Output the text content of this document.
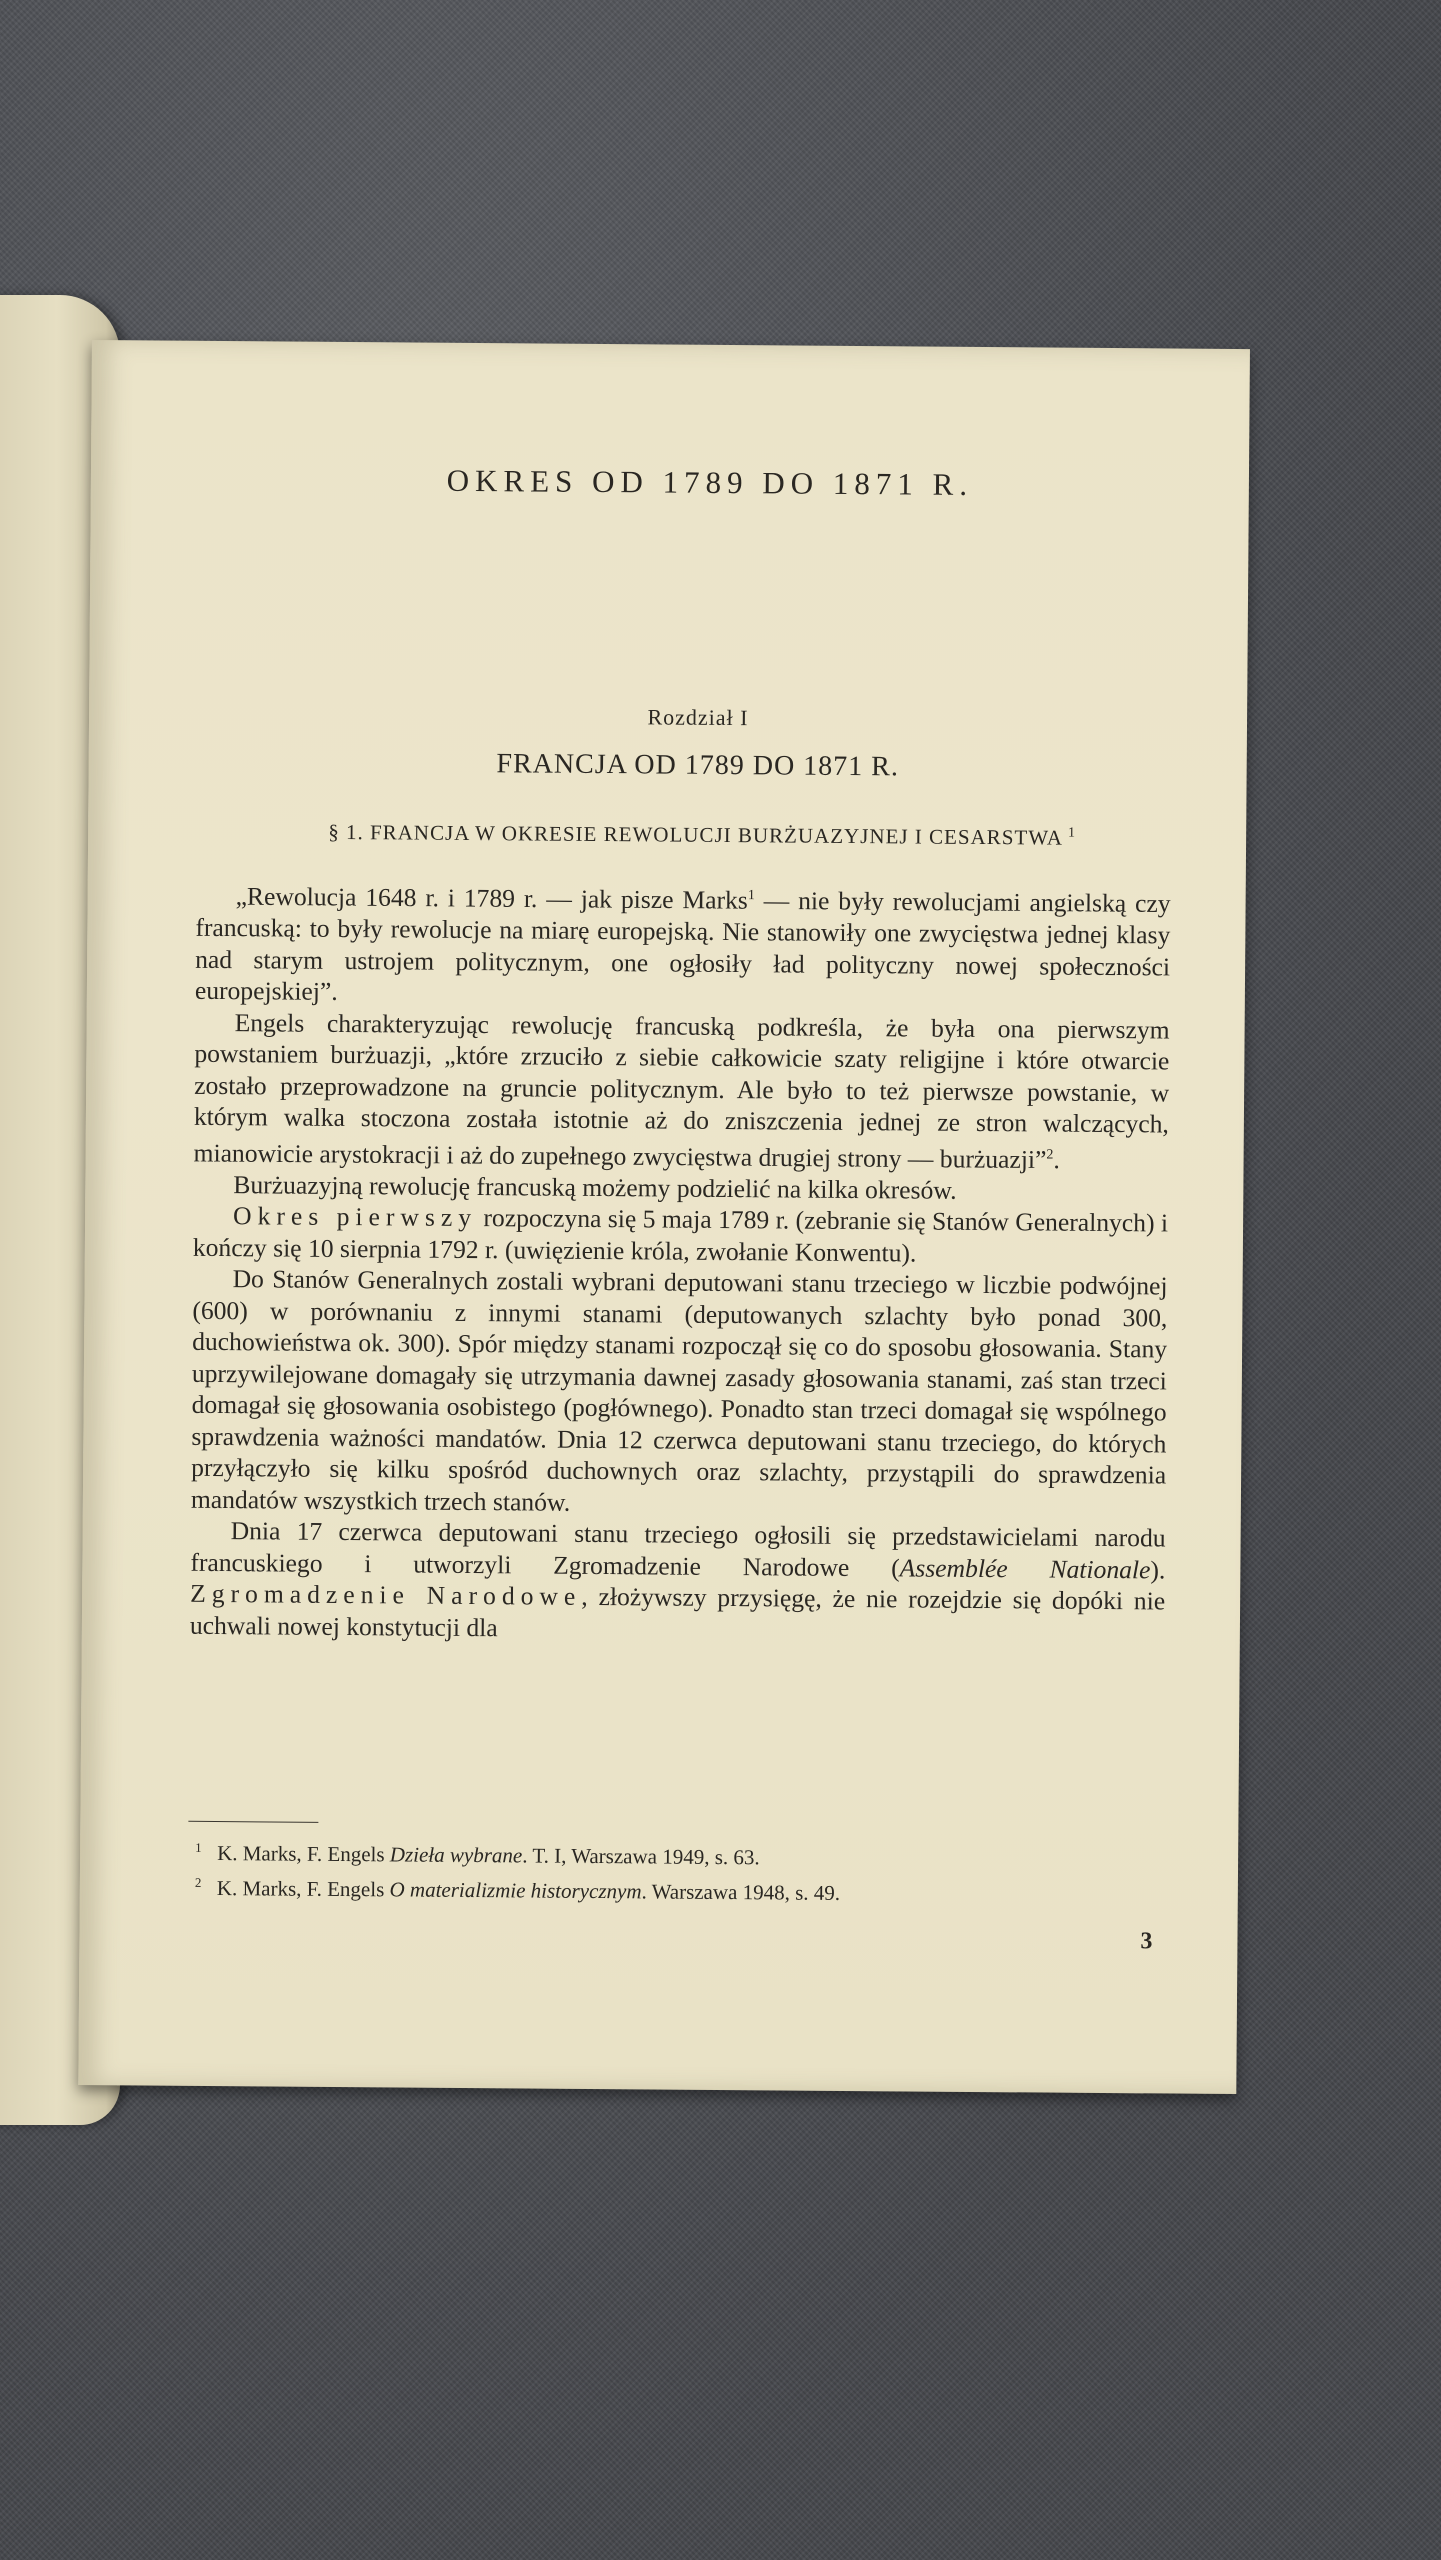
OKRES OD 1789 DO 1871 R.
Rozdział I
FRANCJA OD 1789 DO 1871 R.
§ 1. FRANCJA W OKRESIE REWOLUCJI BURŻUAZYJNEJ I CESARSTWA $^1$

„Rewolucja 1648 r. i 1789 r. — jak pisze Marks$^1$ — nie były rewolucjami angielską czy francuską: to były rewolucje na miarę europejską. Nie stanowiły one zwycięstwa jednej klasy nad starym ustrojem politycznym, one ogłosiły ład polityczny nowej społeczności europejskiej”.

Engels charakteryzując rewolucję francuską podkreśla, że była ona pierwszym powstaniem burżuazji, „które zrzuciło z siebie całkowicie szaty religijne i które otwarcie zostało przeprowadzone na gruncie politycznym. Ale było to też pierwsze powstanie, w którym walka stoczona została istotnie aż do zniszczenia jednej ze stron walczących, mianowicie arystokracji i aż do zupełnego zwycięstwa drugiej strony — burżuazji”$^2$.

Burżuazyjną rewolucję francuską możemy podzielić na kilka okresów.

Okres pierwszy rozpoczyna się 5 maja 1789 r. (zebranie się Stanów Generalnych) i kończy się 10 sierpnia 1792 r. (uwięzienie króla, zwołanie Konwentu).

Do Stanów Generalnych zostali wybrani deputowani stanu trzeciego w liczbie podwójnej (600) w porównaniu z innymi stanami (deputowanych szlachty było ponad 300, duchowieństwa ok. 300). Spór między stanami rozpoczął się co do sposobu głosowania. Stany uprzywilejowane domagały się utrzymania dawnej zasady głosowania stanami, zaś stan trzeci domagał się głosowania osobistego (pogłównego). Ponadto stan trzeci domagał się wspólnego sprawdzenia ważności mandatów. Dnia 12 czerwca deputowani stanu trzeciego, do których przyłączyło się kilku spośród duchownych oraz szlachty, przystąpili do sprawdzenia mandatów wszystkich trzech stanów.

Dnia 17 czerwca deputowani stanu trzeciego ogłosili się przedstawicielami narodu francuskiego i utworzyli Zgromadzenie Narodowe (Assemblée Nationale). Zgromadzenie Narodowe, złożywszy przysięgę, że nie rozejdzie się dopóki nie uchwali nowej konstytucji dla

1 K. Marks, F. Engels Dzieła wybrane. T. I, Warszawa 1949, s. 63.
2 K. Marks, F. Engels O materializmie historycznym. Warszawa 1948, s. 49.
3
